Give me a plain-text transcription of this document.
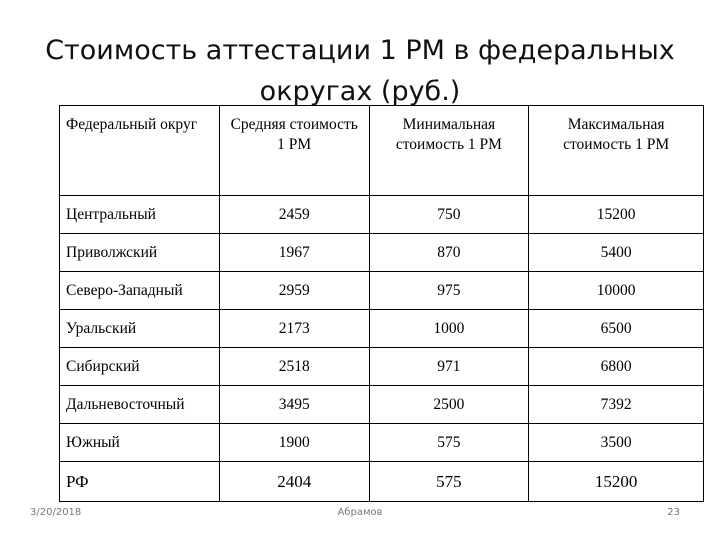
Стоимость аттестации 1 РМ в федеральных
округах (руб.)
Федеральный округ	Средняя стоимость 1 РМ	Минимальная стоимость 1 РМ	Максимальная стоимость 1 РМ
Центральный	2459	750	15200
Приволжский	1967	870	5400
Северо-Западный	2959	975	10000
Уральский	2173	1000	6500
Сибирский	2518	971	6800
Дальневосточный	3495	2500	7392
Южный	1900	575	3500
РФ	2404	575	15200
3/20/2018	Абрамов	23
